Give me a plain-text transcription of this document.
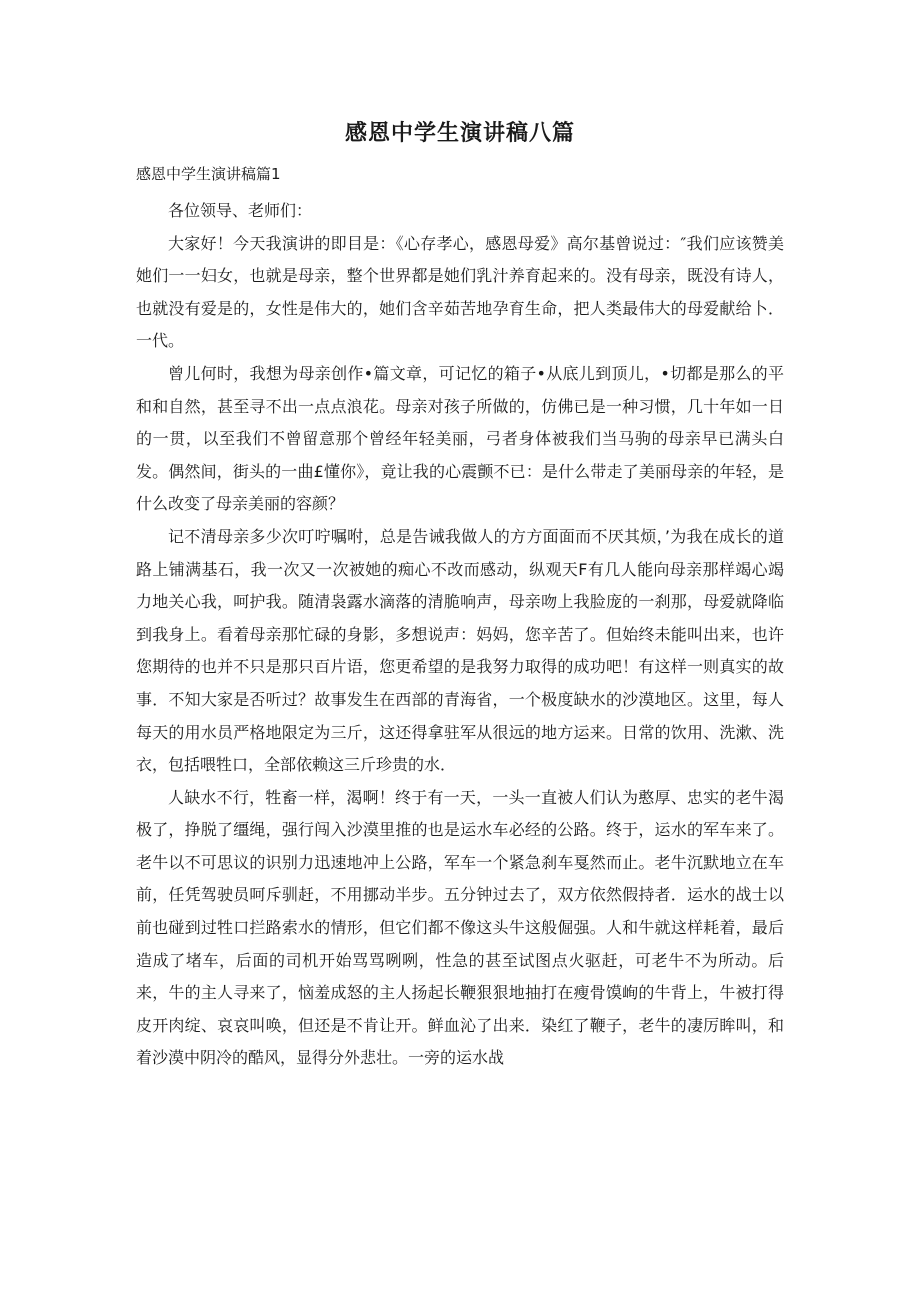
感恩中学生演讲稿八篇
感恩中学生演讲稿篇1

各位领导、老师们：

大家好！今天我演讲的即目是：《心存孝心，感恩母爱》高尔基曾说过：″我们应该赞美她们一一妇女，也就是母亲，整个世界都是她们乳汁养育起来的。没有母亲，既没有诗人，也就没有爱是的，女性是伟大的，她们含辛茹苦地孕育生命，把人类最伟大的母爱献给卜．一代。

曾儿何时，我想为母亲创作•篇文章，可记忆的箱子•从底儿到顶儿，•切都是那么的平和和自然，甚至寻不出一点点浪花。母亲对孩子所做的，仿佛已是一种习惯，几十年如一日的一贯，以至我们不曾留意那个曾经年轻美丽，弓者身体被我们当马驹的母亲早已满头白发。偶然间，街头的一曲£懂你》，竟让我的心震颤不已：是什么带走了美丽母亲的年轻，是什么改变了母亲美丽的容颜？

记不清母亲多少次叮咛嘱咐，总是告诫我做人的方方面面而不厌其烦，’为我在成长的道路上铺满基石，我一次又一次被她的痴心不改而感动，纵观天F有几人能向母亲那样竭心竭力地关心我，呵护我。随清袅露水滴落的清脆响声，母亲吻上我脸庞的一刹那，母爱就降临到我身上。看着母亲那忙碌的身影，多想说声：妈妈，您辛苦了。但始终未能叫出来，也许您期待的也并不只是那只百片语，您更希望的是我努力取得的成功吧！有这样一则真实的故事．不知大家是否听过？故事发生在西部的青海省，一个极度缺水的沙漠地区。这里，每人每天的用水员严格地限定为三斤，这还得拿驻军从很远的地方运来。日常的饮用、洗漱、洗衣，包括喂牲口，全部依赖这三斤珍贵的水．

人缺水不行，牲畜一样，渴啊！终于有一天，一头一直被人们认为憨厚、忠实的老牛渴极了，挣脱了缰绳，强行闯入沙漠里推的也是运水车必经的公路。终于，运水的军车来了。老牛以不可思议的识别力迅速地冲上公路，军车一个紧急刹车戛然而止。老牛沉默地立在车前，任凭驾驶员呵斥驯赶，不用挪动半步。五分钟过去了，双方依然假持者．运水的战士以前也碰到过牲口拦路索水的情形，但它们都不像这头牛这般倔强。人和牛就这样耗着，最后造成了堵车，后面的司机开始骂骂咧咧，性急的甚至试图点火驱赶，可老牛不为所动。后来，牛的主人寻来了，恼羞成怒的主人扬起长鞭狠狠地抽打在瘦骨馍峋的牛背上，牛被打得皮开肉绽、哀哀叫唤，但还是不肯让开。鲜血沁了出来．染红了鞭子，老牛的凄厉眸叫，和着沙漠中阴冷的酷风，显得分外悲壮。一旁的运水战
